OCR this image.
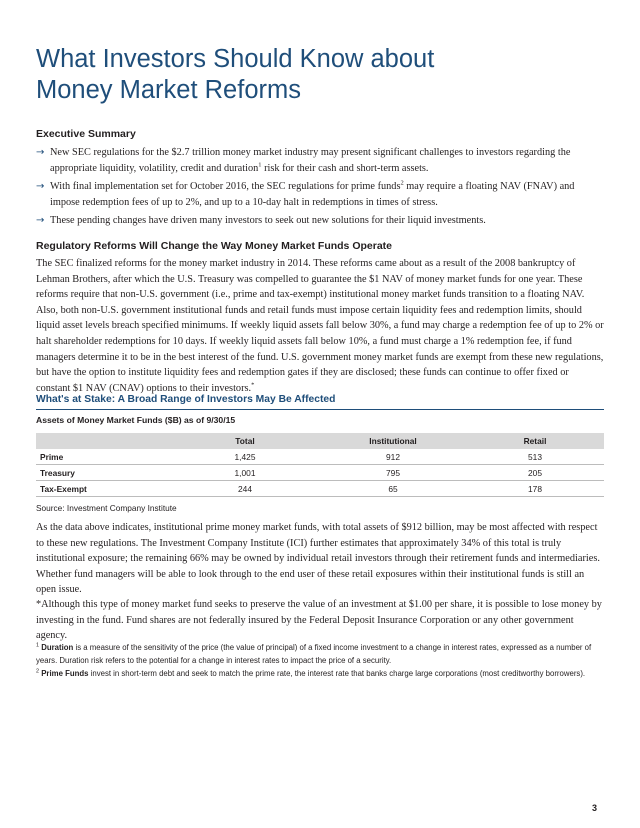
What Investors Should Know about
Money Market Reforms
Executive Summary
→ New SEC regulations for the $2.7 trillion money market industry may present significant challenges to investors regarding the appropriate liquidity, volatility, credit and duration$^1$ risk for their cash and short-term assets.
→ With final implementation set for October 2016, the SEC regulations for prime funds$^2$ may require a floating NAV (FNAV) and impose redemption fees of up to 2%, and up to a 10-day halt in redemptions in times of stress.
→ These pending changes have driven many investors to seek out new solutions for their liquid investments.
Regulatory Reforms Will Change the Way Money Market Funds Operate

The SEC finalized reforms for the money market industry in 2014. These reforms came about as a result of the 2008 bankruptcy of Lehman Brothers, after which the U.S. Treasury was compelled to guarantee the $1 NAV of money market funds for one year. These reforms require that non-U.S. government (i.e., prime and tax-exempt) institutional money market funds transition to a floating NAV. Also, both non-U.S. government institutional funds and retail funds must impose certain liquidity fees and redemption limits, should liquid asset levels breach specified minimums. If weekly liquid assets fall below 30%, a fund may charge a redemption fee of up to 2% or halt shareholder redemptions for 10 days. If weekly liquid assets fall below 10%, a fund must charge a 1% redemption fee, if fund managers determine it to be in the best interest of the fund. U.S. government money market funds are exempt from these new regulations, but have the option to institute liquidity fees and redemption gates if they are disclosed; these funds can continue to offer fixed or constant $1 NAV (CNAV) options to their investors.*

What's at Stake: A Broad Range of Investors May Be Affected
Assets of Money Market Funds ($B) as of 9/30/15
	Total	Institutional	Retail
Prime	1,425	912	513
Treasury	1,001	795	205
Tax-Exempt	244	65	178
Source: Investment Company Institute

As the data above indicates, institutional prime money market funds, with total assets of $912 billion, may be most affected with respect to these new regulations. The Investment Company Institute (ICI) further estimates that approximately 34% of this total is truly institutional exposure; the remaining 66% may be owned by individual retail investors through their retirement funds and intermediaries. Whether fund managers will be able to look through to the end user of these retail exposures within their institutional funds is still an open issue.

*Although this type of money market fund seeks to preserve the value of an investment at $1.00 per share, it is possible to lose money by investing in the fund. Fund shares are not federally insured by the Federal Deposit Insurance Corporation or any other government agency.

$^1$ Duration is a measure of the sensitivity of the price (the value of principal) of a fixed income investment to a change in interest rates, expressed as a number of years. Duration risk refers to the potential for a change in interest rates to impact the price of a security.
$^2$ Prime Funds invest in short-term debt and seek to match the prime rate, the interest rate that banks charge large corporations (most creditworthy borrowers).
3
